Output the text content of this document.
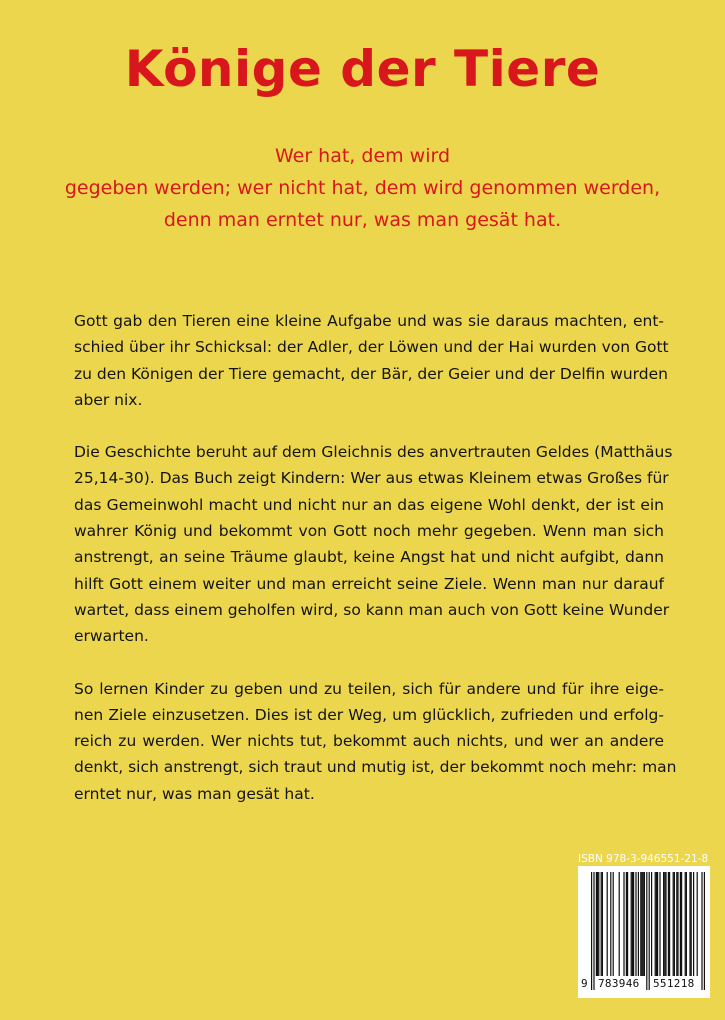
Könige der Tiere
Wer hat, dem wird
gegeben werden; wer nicht hat, dem wird genommen werden,
denn man erntet nur, was man gesät hat.

Gott gab den Tieren eine kleine Aufgabe und was sie daraus machten, ent-
schied über ihr Schicksal: der Adler, der Löwen und der Hai wurden von Gott
zu den Königen der Tiere gemacht, der Bär, der Geier und der Delfin wurden
aber nix.

Die Geschichte beruht auf dem Gleichnis des anvertrauten Geldes (Matthäus
25,14-30). Das Buch zeigt Kindern: Wer aus etwas Kleinem etwas Großes für
das Gemeinwohl macht und nicht nur an das eigene Wohl denkt, der ist ein
wahrer König und bekommt von Gott noch mehr gegeben. Wenn man sich
anstrengt, an seine Träume glaubt, keine Angst hat und nicht aufgibt, dann
hilft Gott einem weiter und man erreicht seine Ziele. Wenn man nur darauf
wartet, dass einem geholfen wird, so kann man auch von Gott keine Wunder
erwarten.

So lernen Kinder zu geben und zu teilen, sich für andere und für ihre eige-
nen Ziele einzusetzen. Dies ist der Weg, um glücklich, zufrieden und erfolg-
reich zu werden. Wer nichts tut, bekommt auch nichts, und wer an andere
denkt, sich anstrengt, sich traut und mutig ist, der bekommt noch mehr: man
erntet nur, was man gesät hat.

ISBN 978-3-946551-21-8
9 783946 551218
